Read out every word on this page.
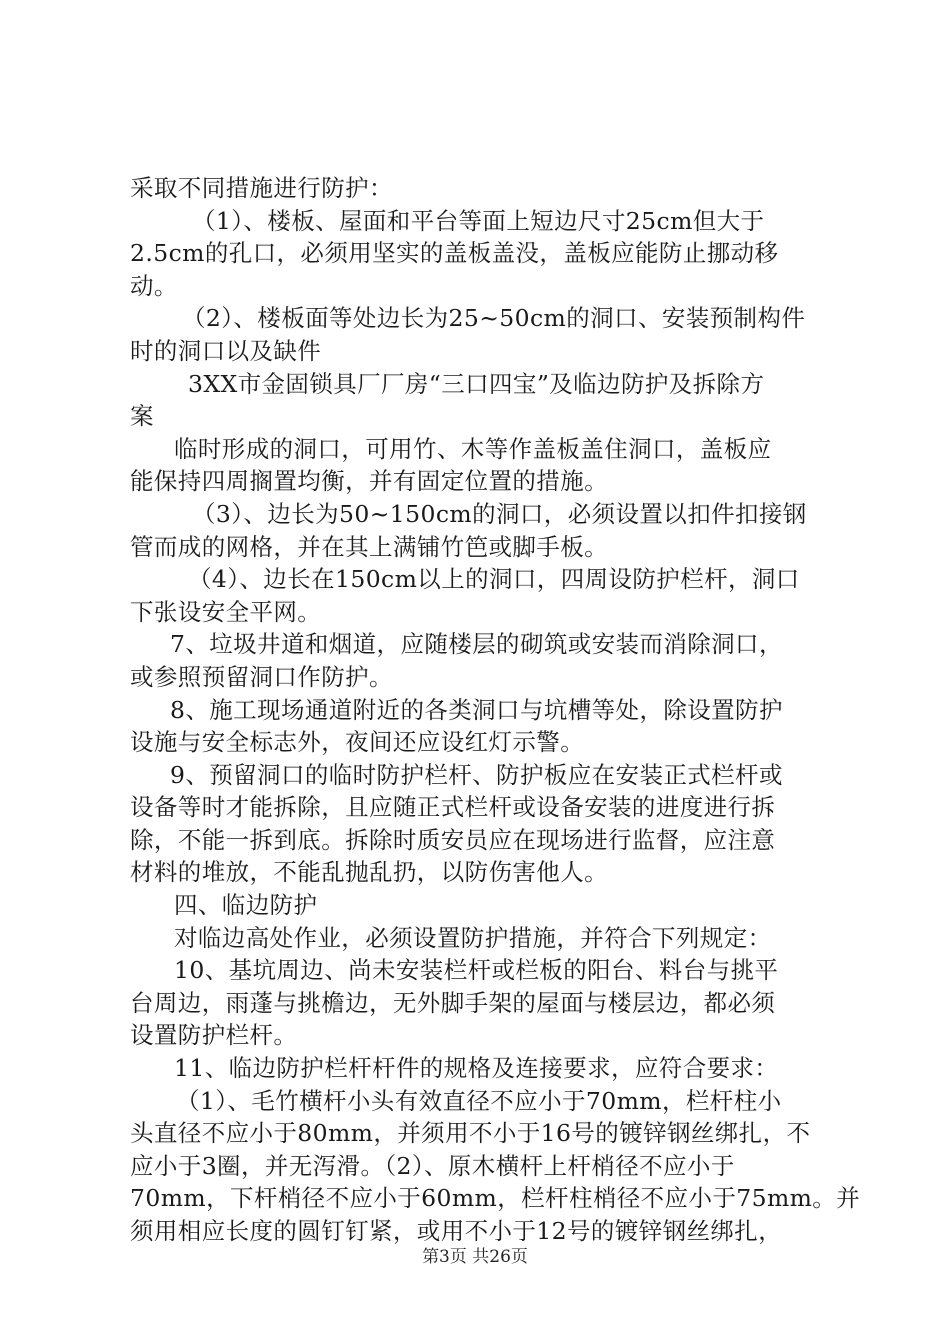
采取不同措施进行防护：
（1）、楼板、屋面和平台等面上短边尺寸25cm但大于
2.5cm的孔口，必须用坚实的盖板盖没，盖板应能防止挪动移
动。
（2）、楼板面等处边长为25~50cm的洞口、安装预制构件
时的洞口以及缺件
3XX市金固锁具厂厂房“三口四宝”及临边防护及拆除方
案
临时形成的洞口，可用竹、木等作盖板盖住洞口，盖板应
能保持四周搁置均衡，并有固定位置的措施。
（3）、边长为50~150cm的洞口，必须设置以扣件扣接钢
管而成的网格，并在其上满铺竹笆或脚手板。
（4）、边长在150cm以上的洞口，四周设防护栏杆，洞口
下张设安全平网。
7、垃圾井道和烟道，应随楼层的砌筑或安装而消除洞口，
或参照预留洞口作防护。
8、施工现场通道附近的各类洞口与坑槽等处，除设置防护
设施与安全标志外，夜间还应设红灯示警。
9、预留洞口的临时防护栏杆、防护板应在安装正式栏杆或
设备等时才能拆除，且应随正式栏杆或设备安装的进度进行拆
除，不能一拆到底。拆除时质安员应在现场进行监督，应注意
材料的堆放，不能乱抛乱扔，以防伤害他人。
四、临边防护
对临边高处作业，必须设置防护措施，并符合下列规定：
10、基坑周边、尚未安装栏杆或栏板的阳台、料台与挑平
台周边，雨蓬与挑檐边，无外脚手架的屋面与楼层边，都必须
设置防护栏杆。
11、临边防护栏杆杆件的规格及连接要求，应符合要求：
（1）、毛竹横杆小头有效直径不应小于70mm，栏杆柱小
头直径不应小于80mm，并须用不小于16号的镀锌钢丝绑扎，不
应小于3圈，并无泻滑。（2）、原木横杆上杆梢径不应小于
70mm，下杆梢径不应小于60mm，栏杆柱梢径不应小于75mm。并
须用相应长度的圆钉钉紧，或用不小于12号的镀锌钢丝绑扎，
第3页 共26页
